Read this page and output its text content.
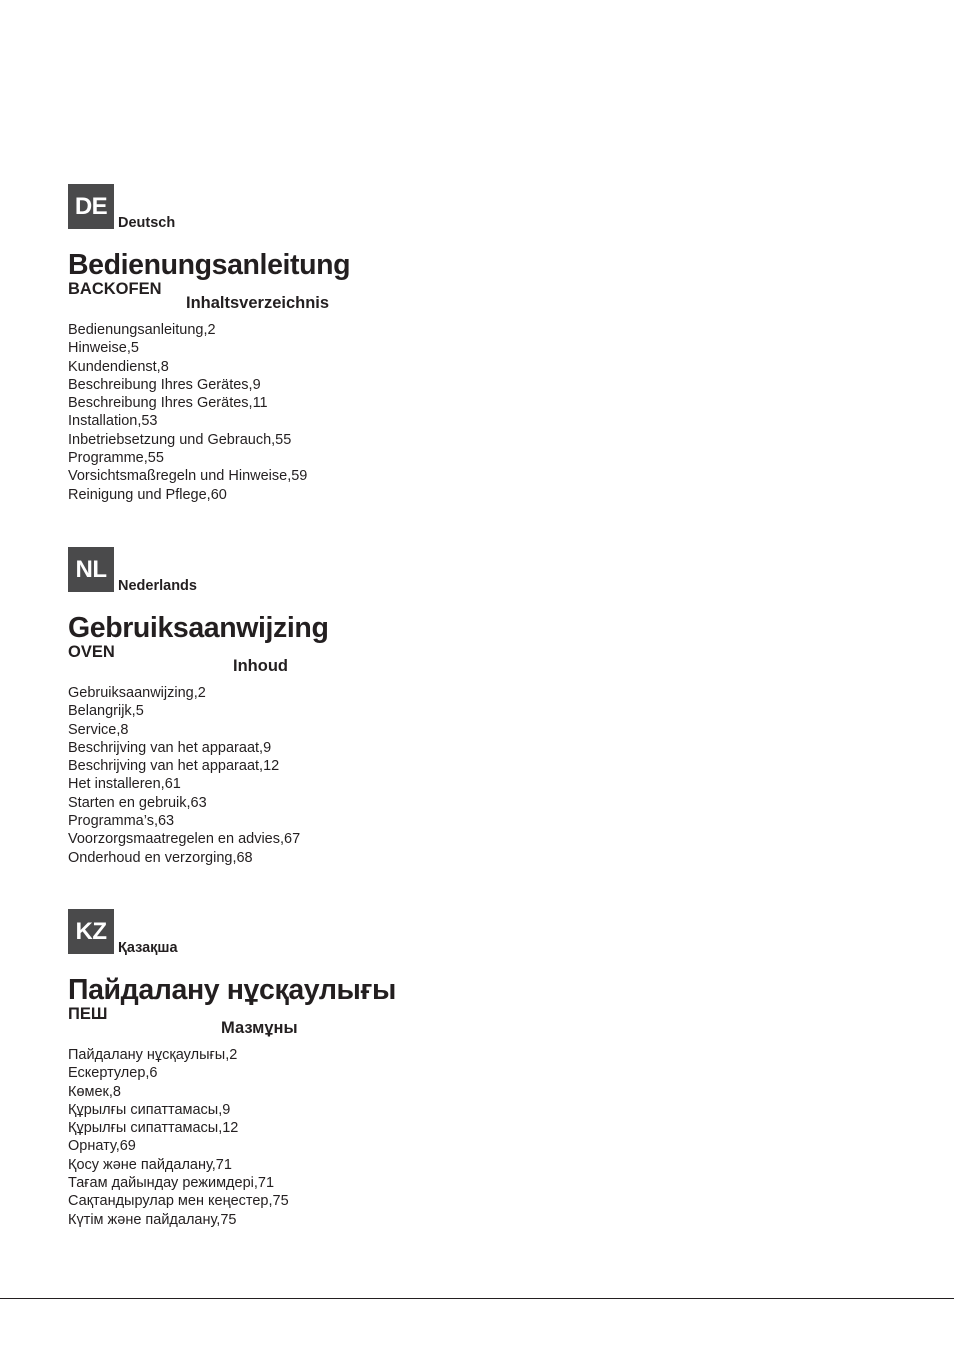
DE
Deutsch
Bedienungsanleitung
BACKOFEN
Inhaltsverzeichnis
Bedienungsanleitung,2
Hinweise,5
Kundendienst,8
Beschreibung Ihres Gerätes,9
Beschreibung Ihres Gerätes,11
Installation,53
Inbetriebsetzung und Gebrauch,55
Programme,55
Vorsichtsmaßregeln und Hinweise,59
Reinigung und Pflege,60
NL
Nederlands
Gebruiksaanwijzing
OVEN
Inhoud
Gebruiksaanwijzing,2
Belangrijk,5
Service,8
Beschrijving van het apparaat,9
Beschrijving van het apparaat,12
Het installeren,61
Starten en gebruik,63
Programma’s,63
Voorzorgsmaatregelen en advies,67
Onderhoud en verzorging,68
KZ
Қазақша
Пайдалану нұсқаулығы
ПЕШ
Мазмұны
Пайдалану нұсқаулығы,2
Ескертулер,6
Көмек,8
Құрылғы сипаттамасы,9
Құрылғы сипаттамасы,12
Орнату,69
Қосу және пайдалану,71
Тағам дайындау режимдері,71
Сақтандырулар мен кеңестер,75
Күтім және пайдалану,75
